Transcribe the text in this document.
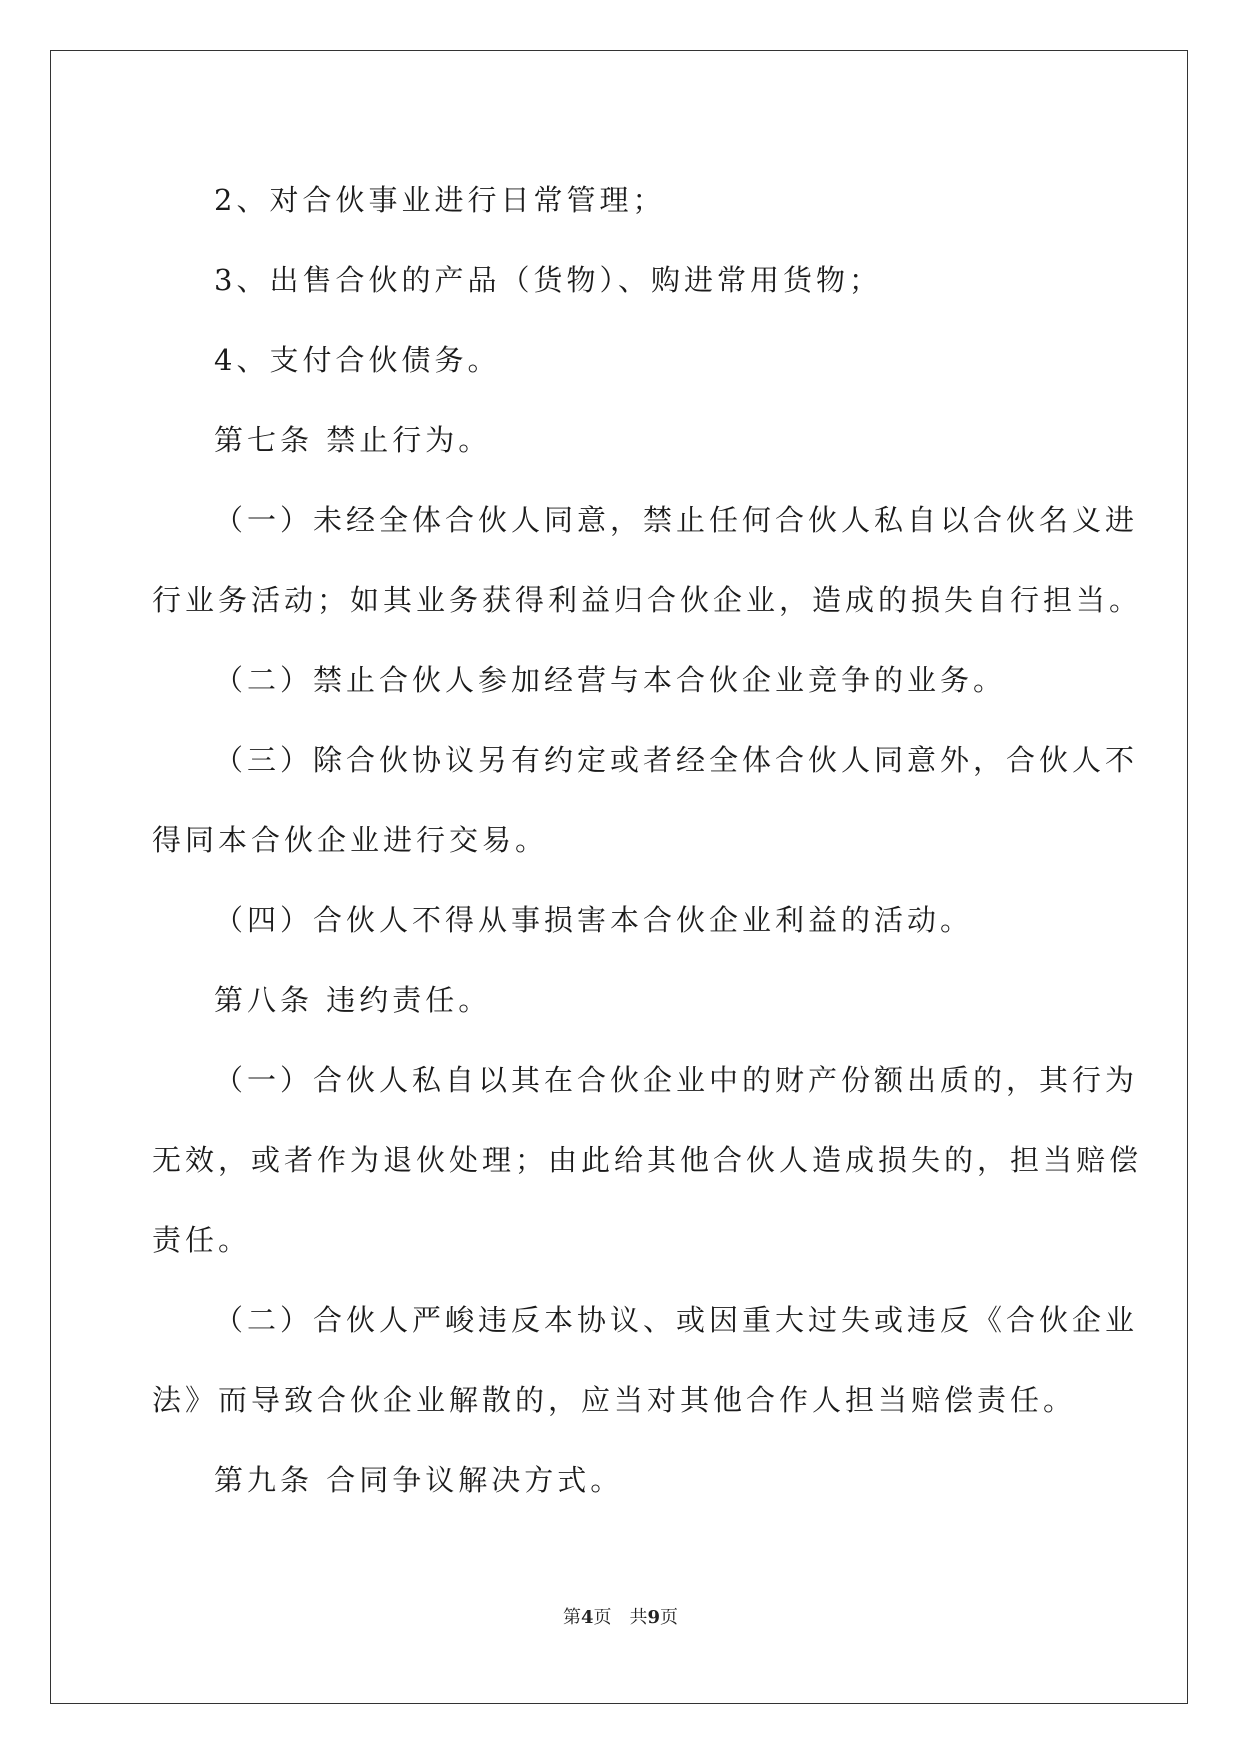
2、对合伙事业进行日常管理；

3、出售合伙的产品（货物）、购进常用货物；

4、支付合伙债务。

第七条 禁止行为。

（一）未经全体合伙人同意，禁止任何合伙人私自以合伙名义进

行业务活动；如其业务获得利益归合伙企业，造成的损失自行担当。

（二）禁止合伙人参加经营与本合伙企业竞争的业务。

（三）除合伙协议另有约定或者经全体合伙人同意外，合伙人不

得同本合伙企业进行交易。

（四）合伙人不得从事损害本合伙企业利益的活动。

第八条 违约责任。

（一）合伙人私自以其在合伙企业中的财产份额出质的，其行为

无效，或者作为退伙处理；由此给其他合伙人造成损失的，担当赔偿

责任。

（二）合伙人严峻违反本协议、或因重大过失或违反《合伙企业

法》而导致合伙企业解散的，应当对其他合作人担当赔偿责任。

第九条 合同争议解决方式。

第4页 共9页
